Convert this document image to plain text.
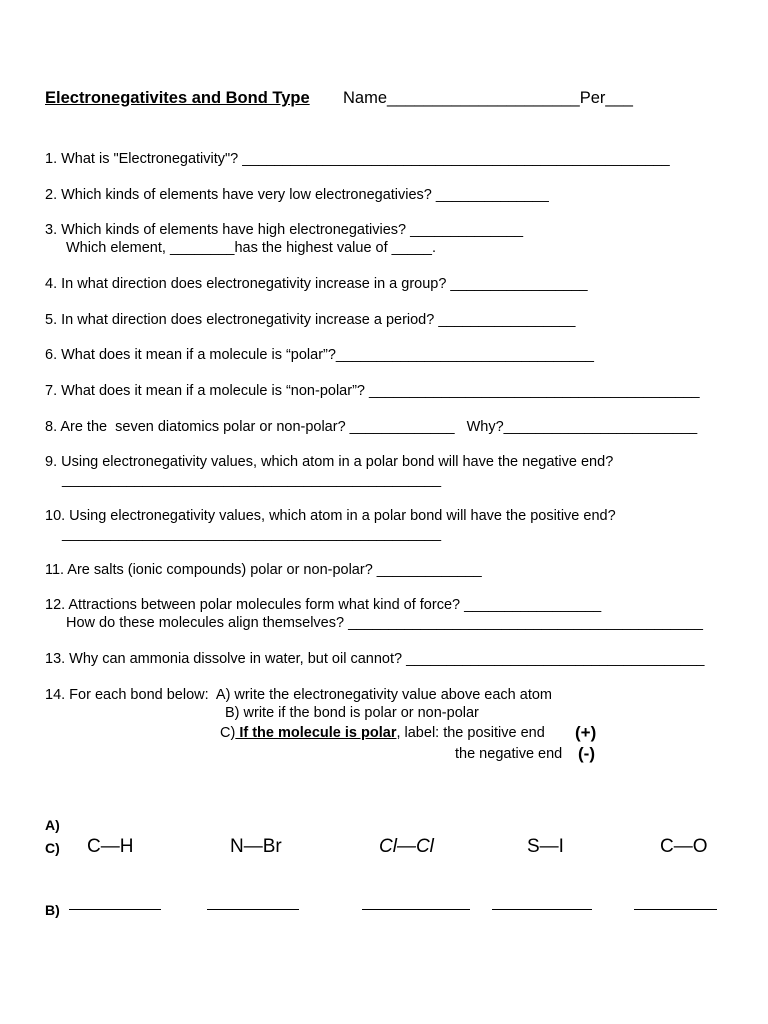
Electronegativites and Bond Type Name_____________________Per___
1. What is "Electronegativity"? _____________________________________________________
2. Which kinds of elements have very low electronegativies? ______________
3. Which kinds of elements have high electronegativies? ______________
Which element, ________has the highest value of _____.
4. In what direction does electronegativity increase in a group? _________________
5. In what direction does electronegativity increase a period? _________________
6. What does it mean if a molecule is “polar”?________________________________
7. What does it mean if a molecule is “non-polar”? _________________________________________
8. Are the  seven diatomics polar or non-polar? _____________   Why?________________________
9. Using electronegativity values, which atom in a polar bond will have the negative end?
_______________________________________________
10. Using electronegativity values, which atom in a polar bond will have the positive end?
_______________________________________________
11. Are salts (ionic compounds) polar or non-polar? _____________
12. Attractions between polar molecules form what kind of force? _________________
How do these molecules align themselves? ____________________________________________
13. Why can ammonia dissolve in water, but oil cannot? _____________________________________
14. For each bond below:  A) write the electronegativity value above each atom
B) write if the bond is polar or non-polar
C) If the molecule is polar, label: the positive end (+)
the negative end (-)
A)
C) C—H	N—Br	Cl—Cl	S—I	C—O
B)
